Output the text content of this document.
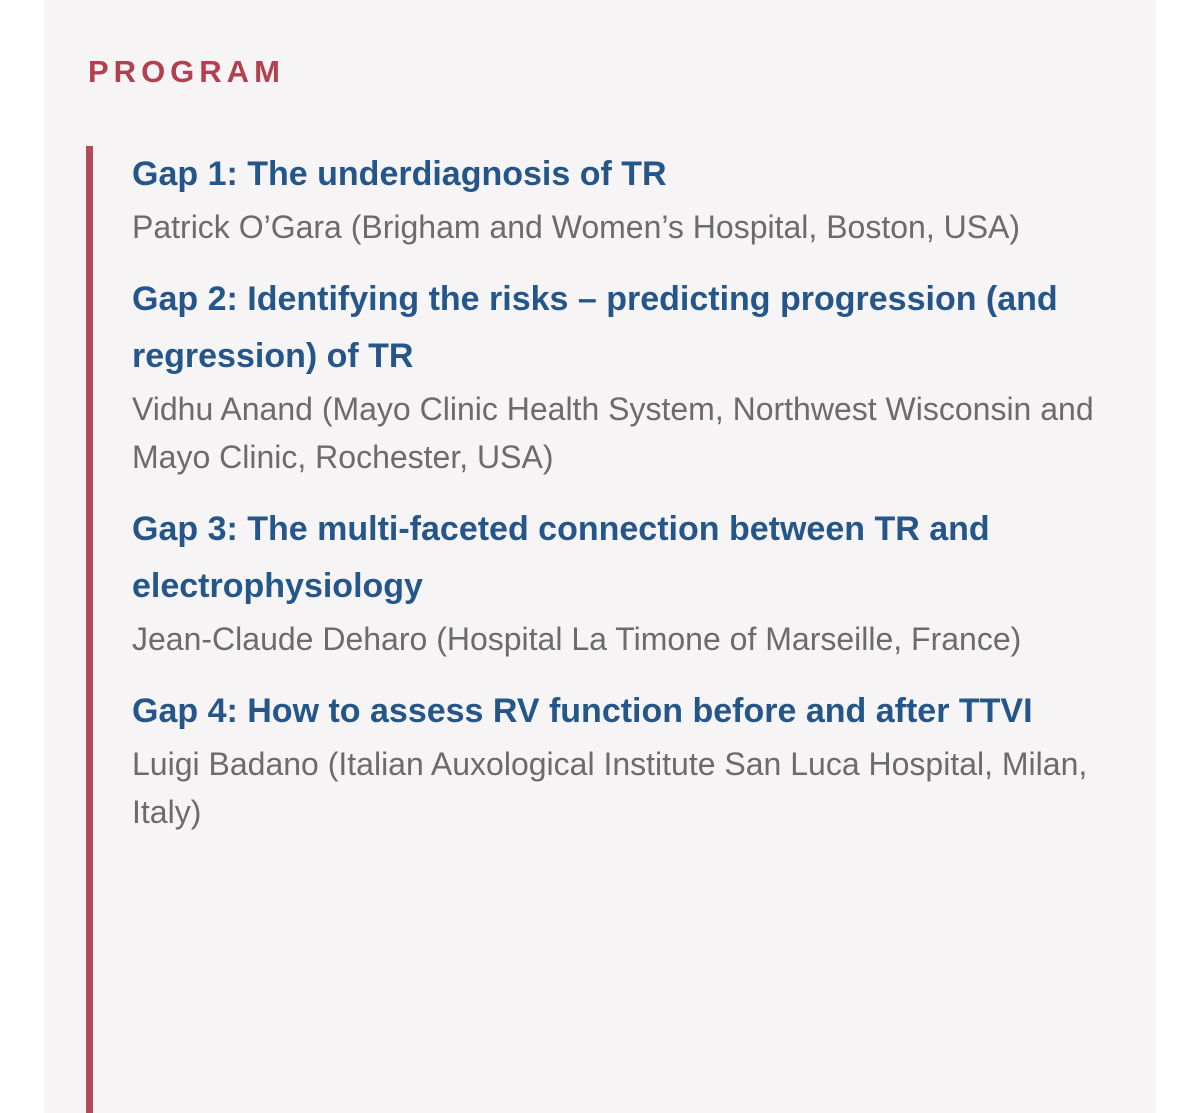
PROGRAM

Gap 1: The underdiagnosis of TR

Patrick O’Gara (Brigham and Women’s Hospital, Boston, USA)

Gap 2: Identifying the risks – predicting progression (and regression) of TR

Vidhu Anand (Mayo Clinic Health System, Northwest Wisconsin and Mayo Clinic, Rochester, USA)

Gap 3: The multi-faceted connection between TR and electrophysiology

Jean-Claude Deharo (Hospital La Timone of Marseille, France)

Gap 4: How to assess RV function before and after TTVI

Luigi Badano (Italian Auxological Institute San Luca Hospital, Milan, Italy)
